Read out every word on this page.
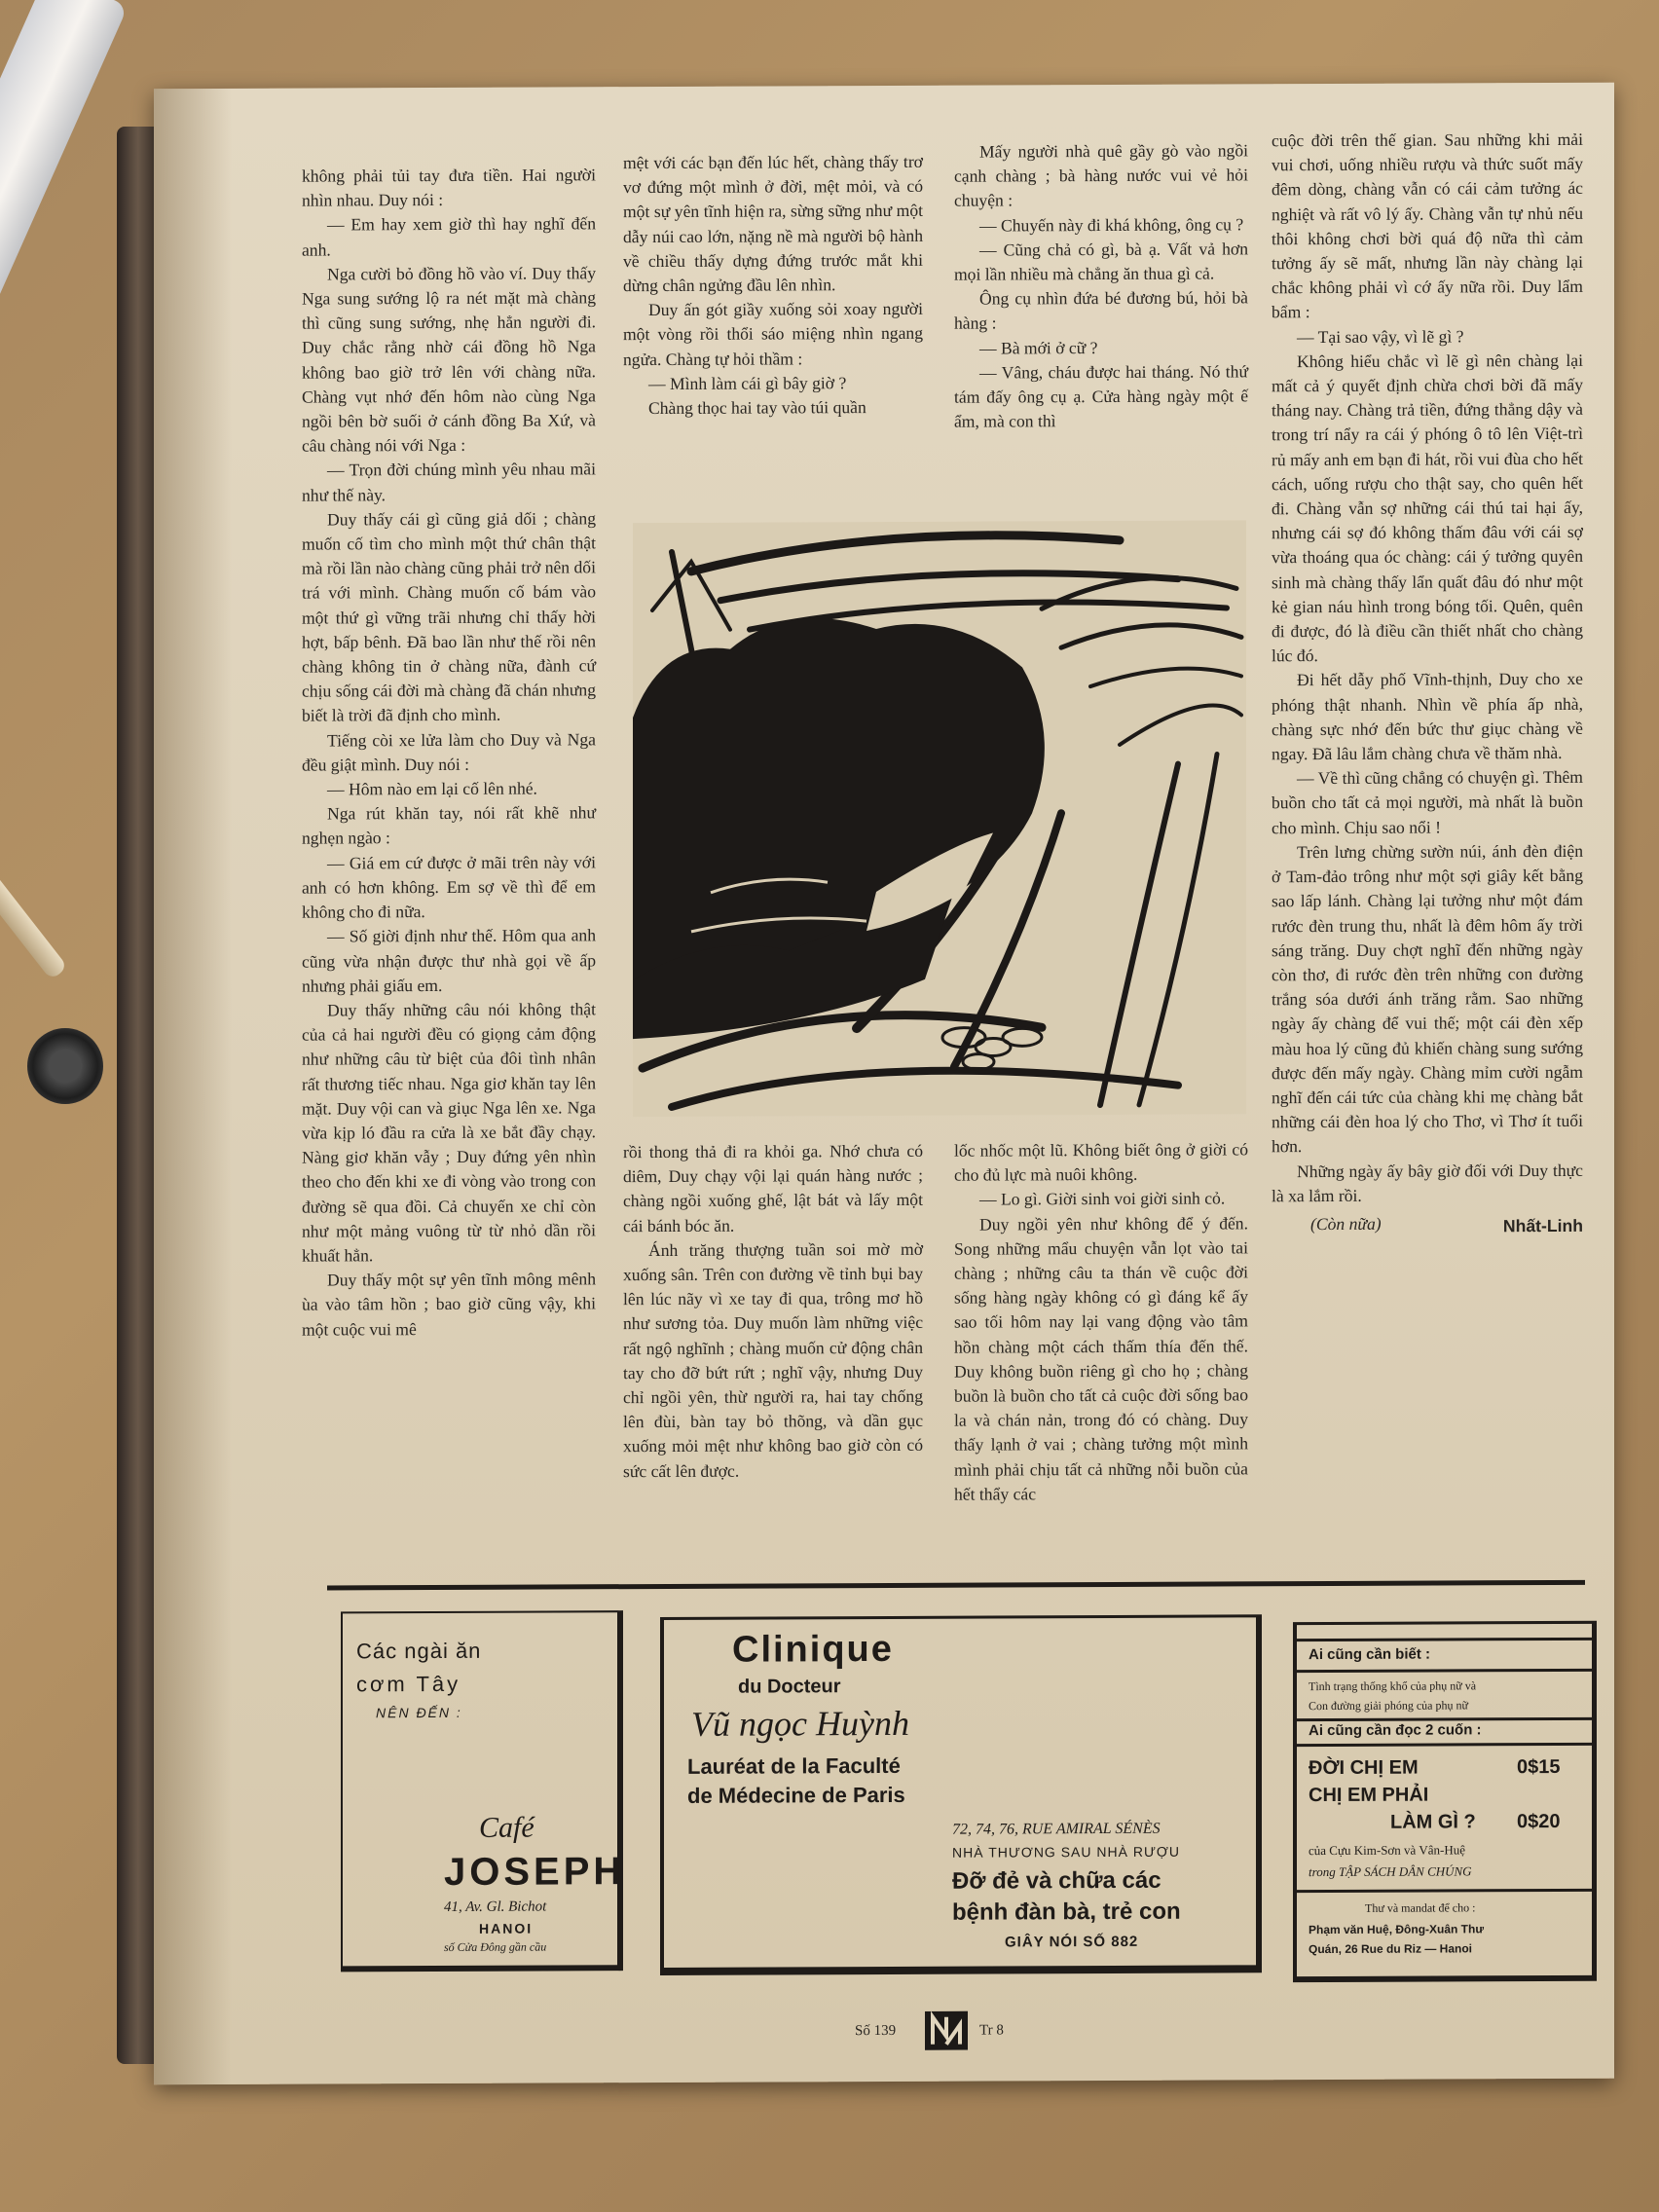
không phải tủi tay đưa tiền. Hai người nhìn nhau. Duy nói :

— Em hay xem giờ thì hay nghĩ đến anh.

Nga cười bỏ đồng hồ vào ví. Duy thấy Nga sung sướng lộ ra nét mặt mà chàng thì cũng sung sướng, nhẹ hẳn người đi. Duy chắc rằng nhờ cái đồng hồ Nga không bao giờ trở lên với chàng nữa. Chàng vụt nhớ đến hôm nào cùng Nga ngồi bên bờ suối ở cánh đồng Ba Xứ, và câu chàng nói với Nga :

— Trọn đời chúng mình yêu nhau mãi như thế này.

Duy thấy cái gì cũng giả dối ; chàng muốn cố tìm cho mình một thứ chân thật mà rồi lần nào chàng cũng phải trở nên dối trá với mình. Chàng muốn cố bám vào một thứ gì vững trãi nhưng chỉ thấy hời hợt, bấp bênh. Đã bao lần như thế rồi nên chàng không tin ở chàng nữa, đành cứ chịu sống cái đời mà chàng đã chán nhưng biết là trời đã định cho mình.

Tiếng còi xe lửa làm cho Duy và Nga đều giật mình. Duy nói :

— Hôm nào em lại cố lên nhé.

Nga rút khăn tay, nói rất khẽ như nghẹn ngào :

— Giá em cứ được ở mãi trên này với anh có hơn không. Em sợ về thì để em không cho đi nữa.

— Số giời định như thế. Hôm qua anh cũng vừa nhận được thư nhà gọi về ấp nhưng phải giấu em.

Duy thấy những câu nói không thật của cả hai người đều có giọng cảm động như những câu từ biệt của đôi tình nhân rất thương tiếc nhau. Nga giơ khăn tay lên mặt. Duy vội can và giục Nga lên xe. Nga vừa kịp ló đầu ra cửa là xe bắt đầy chạy. Nàng giơ khăn vẫy ; Duy đứng yên nhìn theo cho đến khi xe đi vòng vào trong con đường sẽ qua đồi. Cả chuyến xe chỉ còn như một mảng vuông từ từ nhỏ dần rồi khuất hẳn.

Duy thấy một sự yên tĩnh mông mênh ùa vào tâm hồn ; bao giờ cũng vậy, khi một cuộc vui mê

mệt với các bạn đến lúc hết, chàng thấy trơ vơ đứng một mình ở đời, mệt mỏi, và có một sự yên tĩnh hiện ra, sừng sững như một dẫy núi cao lớn, nặng nề mà người bộ hành về chiều thấy dựng đứng trước mắt khi dừng chân ngửng đầu lên nhìn.

Duy ấn gót giầy xuống sỏi xoay người một vòng rồi thổi sáo miệng nhìn ngang ngửa. Chàng tự hỏi thầm :

— Mình làm cái gì bây giờ ?

Chàng thọc hai tay vào túi quần

Mấy người nhà quê gầy gò vào ngồi cạnh chàng ; bà hàng nước vui vẻ hỏi chuyện :

— Chuyến này đi khá không, ông cụ ?

— Cũng chả có gì, bà ạ. Vất vả hơn mọi lần nhiều mà chẳng ăn thua gì cả.

Ông cụ nhìn đứa bé đương bú, hỏi bà hàng :

— Bà mới ở cữ ?

— Vâng, cháu được hai tháng. Nó thứ tám đấy ông cụ ạ. Cửa hàng ngày một ế ẩm, mà con thì

rồi thong thả đi ra khỏi ga. Nhớ chưa có diêm, Duy chạy vội lại quán hàng nước ; chàng ngồi xuống ghế, lật bát và lấy một cái bánh bóc ăn.

Ánh trăng thượng tuần soi mờ mờ xuống sân. Trên con đường về tỉnh bụi bay lên lúc nãy vì xe tay đi qua, trông mơ hồ như sương tỏa. Duy muốn làm những việc rất ngộ nghĩnh ; chàng muốn cử động chân tay cho đỡ bứt rứt ; nghĩ vậy, nhưng Duy chỉ ngồi yên, thừ người ra, hai tay chống lên đùi, bàn tay bỏ thõng, và dần gục xuống mỏi mệt như không bao giờ còn có sức cất lên được.

lốc nhốc một lũ. Không biết ông ở giời có cho đủ lực mà nuôi không.

— Lo gì. Giời sinh voi giời sinh cỏ.

Duy ngồi yên như không để ý đến. Song những mẩu chuyện vẫn lọt vào tai chàng ; những câu ta thán về cuộc đời sống hàng ngày không có gì đáng kể ấy sao tối hôm nay lại vang động vào tâm hồn chàng một cách thấm thía đến thế. Duy không buồn riêng gì cho họ ; chàng buồn là buồn cho tất cả cuộc đời sống bao la và chán nản, trong đó có chàng. Duy thấy lạnh ở vai ; chàng tưởng một mình mình phải chịu tất cả những nỗi buồn của hết thẩy các

cuộc đời trên thế gian. Sau những khi mải vui chơi, uống nhiều rượu và thức suốt mấy đêm dòng, chàng vẫn có cái cảm tưởng ác nghiệt và rất vô lý ấy. Chàng vẫn tự nhủ nếu thôi không chơi bời quá độ nữa thì cảm tưởng ấy sẽ mất, nhưng lần này chàng lại chắc không phải vì cớ ấy nữa rồi. Duy lẩm bẩm :

— Tại sao vậy, vì lẽ gì ?

Không hiểu chắc vì lẽ gì nên chàng lại mất cả ý quyết định chừa chơi bời đã mấy tháng nay. Chàng trả tiền, đứng thẳng dậy và trong trí nẩy ra cái ý phóng ô tô lên Việt-trì rủ mấy anh em bạn đi hát, rồi vui đùa cho hết cách, uống rượu cho thật say, cho quên hết đi. Chàng vẫn sợ những cái thú tai hại ấy, nhưng cái sợ đó không thấm đâu với cái sợ vừa thoáng qua óc chàng: cái ý tưởng quyên sinh mà chàng thấy lẩn quất đâu đó như một kẻ gian náu hình trong bóng tối. Quên, quên đi được, đó là điều cần thiết nhất cho chàng lúc đó.

Đi hết dẫy phố Vĩnh-thịnh, Duy cho xe phóng thật nhanh. Nhìn về phía ấp nhà, chàng sực nhớ đến bức thư giục chàng về ngay. Đã lâu lắm chàng chưa về thăm nhà.

— Về thì cũng chẳng có chuyện gì. Thêm buồn cho tất cả mọi người, mà nhất là buồn cho mình. Chịu sao nổi !

Trên lưng chừng sườn núi, ánh đèn điện ở Tam-đảo trông như một sợi giây kết bằng sao lấp lánh. Chàng lại tưởng như một đám rước đèn trung thu, nhất là đêm hôm ấy trời sáng trăng. Duy chợt nghĩ đến những ngày còn thơ, đi rước đèn trên những con đường trắng sóa dưới ánh trăng rằm. Sao những ngày ấy chàng để vui thế; một cái đèn xếp màu hoa lý cũng đủ khiến chàng sung sướng được đến mấy ngày. Chàng mỉm cười ngẫm nghĩ đến cái tức của chàng khi mẹ chàng bắt những cái đèn hoa lý cho Thơ, vì Thơ ít tuổi hơn.

Những ngày ấy bây giờ đối với Duy thực là xa lắm rồi.

(Còn nữa)	Nhất-Linh
Các ngài ăn
cơm Tây
NÊN ĐẾN :
Café
JOSEPH
41, Av. Gl. Bichot
HANOI
số Cửa Đông gần cầu
Clinique
du Docteur
Vũ ngọc Huỳnh
Lauréat de la Faculté
de Médecine de Paris
72, 74, 76, RUE AMIRAL SÉNÈS
NHÀ THƯƠNG SAU NHÀ RƯỢU
Đỡ đẻ và chữa các
bệnh đàn bà, trẻ con
GIÂY NÓI SỐ 882
Ai cũng cần biết :
Tình trạng thống khổ của phụ nữ và
Con đường giải phóng của phụ nữ
Ai cũng cần đọc 2 cuốn :
ĐỜI CHỊ EM	0$15
CHỊ EM PHẢI
LÀM GÌ ? 0$20
của Cựu Kim-Sơn và Vân-Huệ
trong TẬP SÁCH DÂN CHÚNG
Thư và mandat để cho :
Phạm văn Huệ, Đông-Xuân Thư
Quán, 26 Rue du Riz — Hanoi
Số 139	Tr 8
